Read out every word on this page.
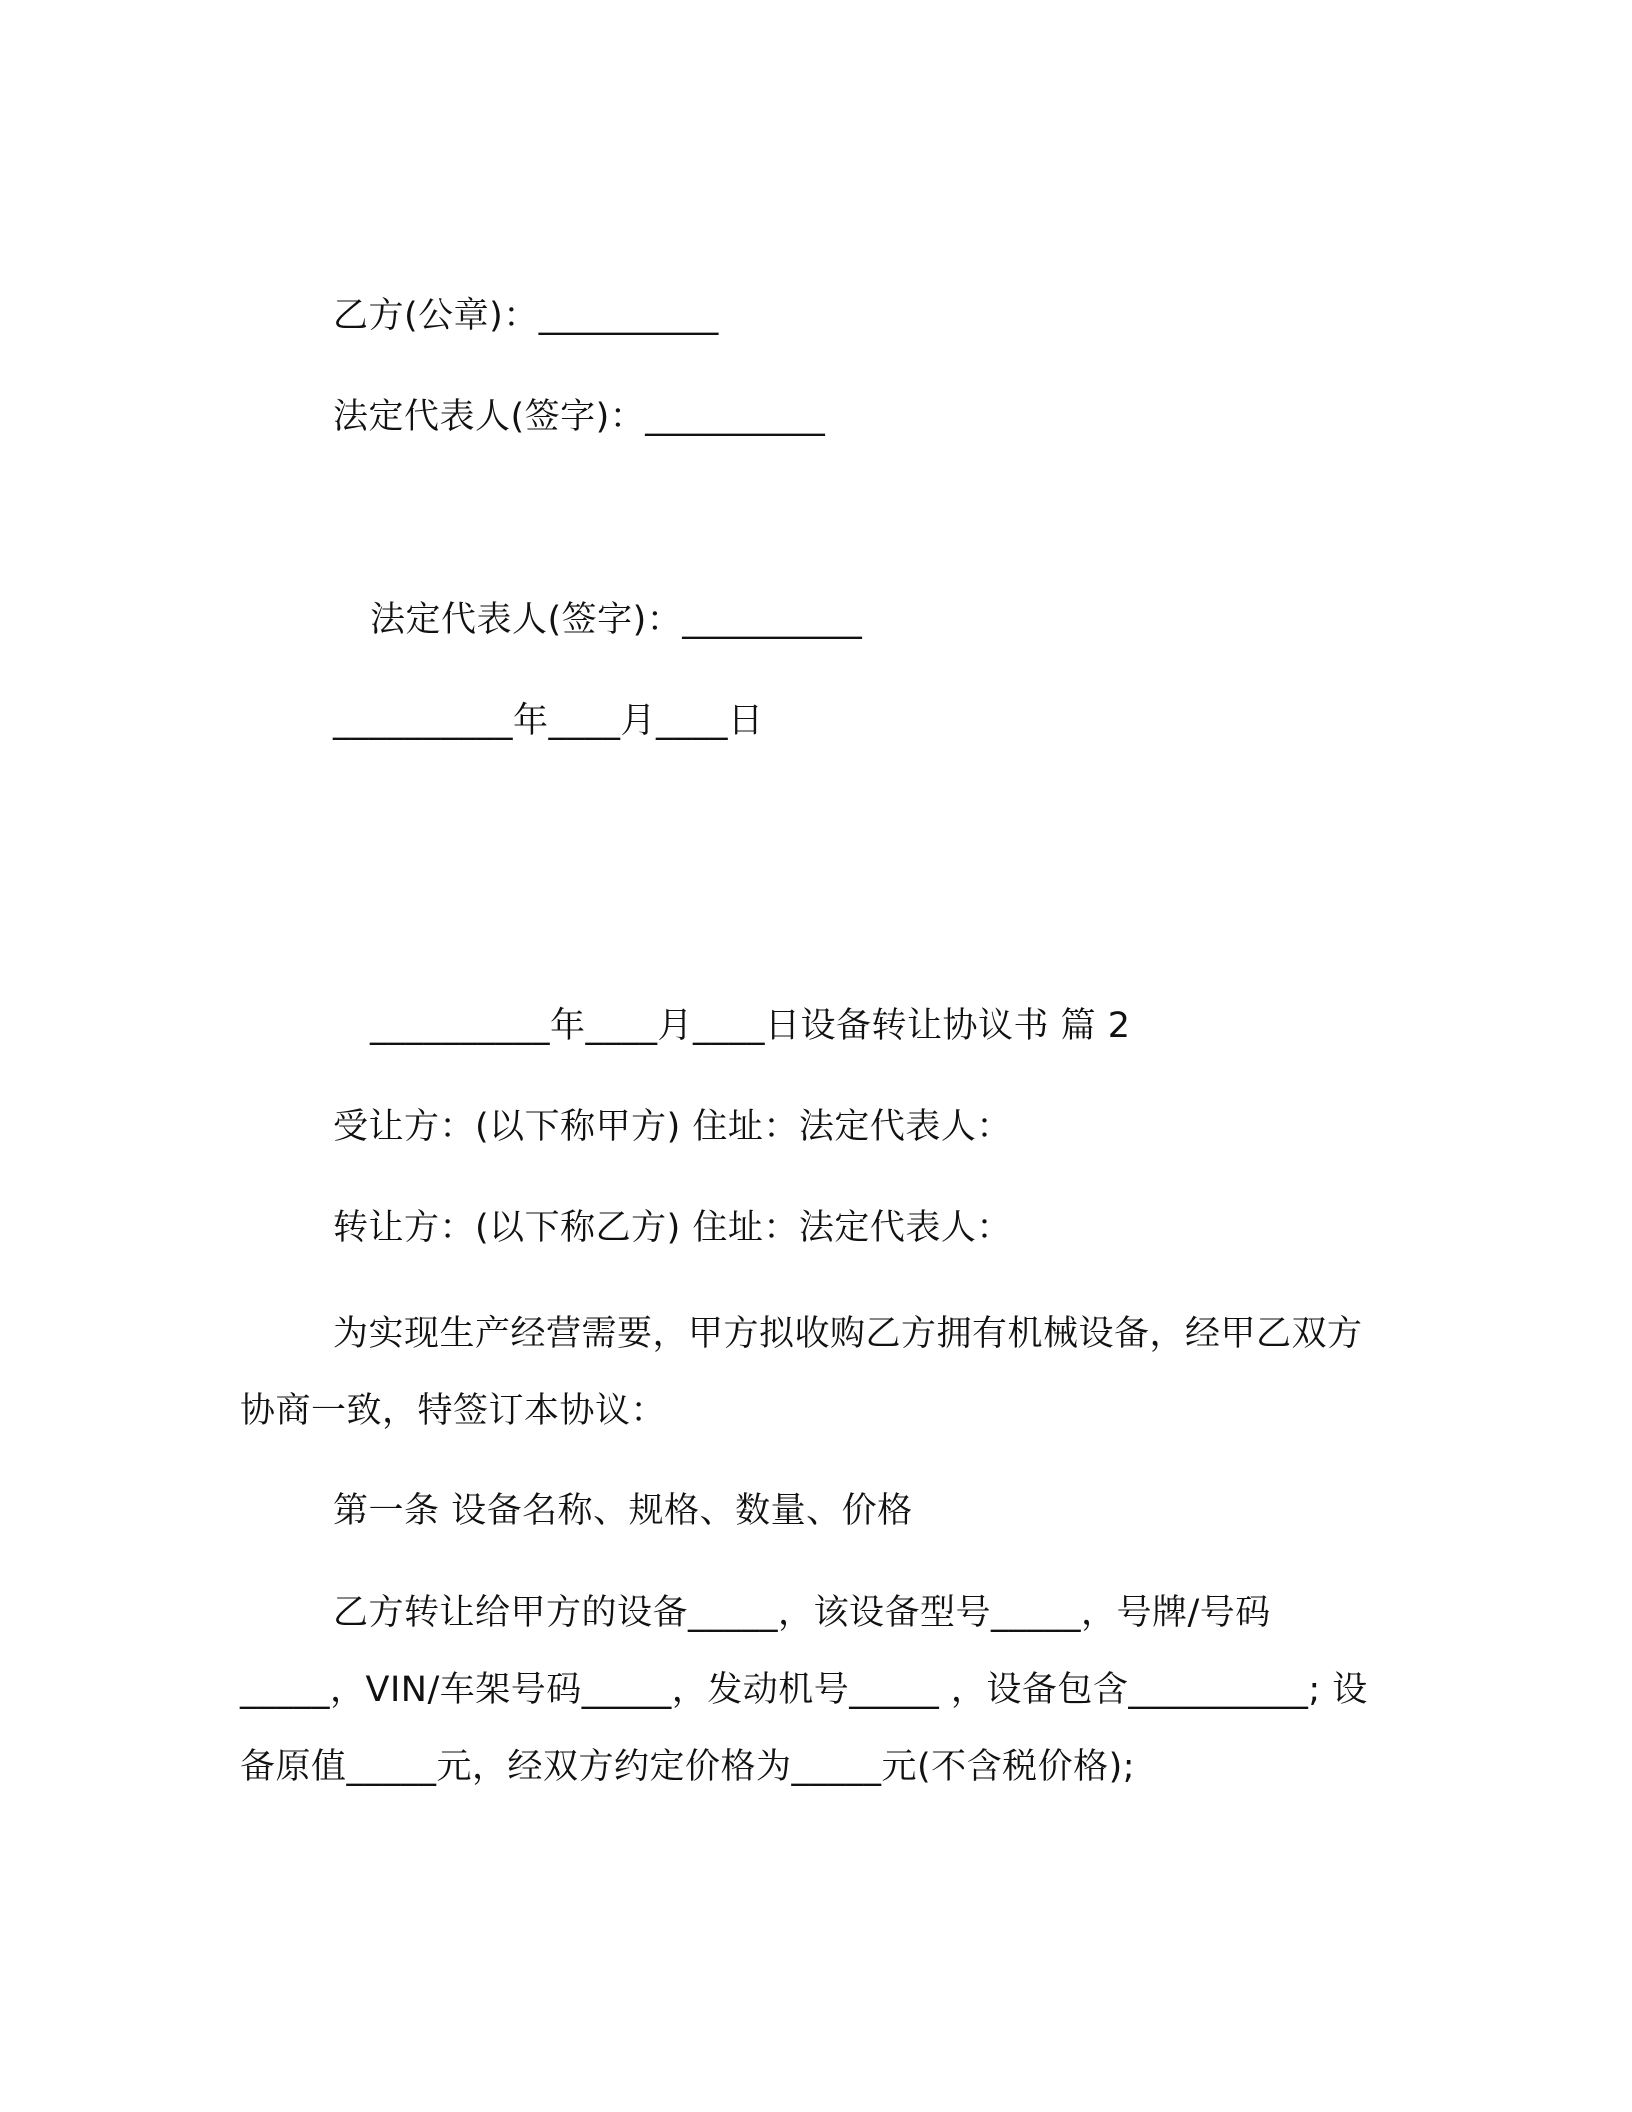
乙方(公章)：__________
法定代表人(签字)：__________
法定代表人(签字)：__________
__________年____月____日
__________年____月____日设备转让协议书 篇 2
受让方：(以下称甲方) 住址：法定代表人：
转让方：(以下称乙方) 住址：法定代表人：

为实现生产经营需要，甲方拟收购乙方拥有机械设备，经甲乙双方协商一致，特签订本协议：

第一条 设备名称、规格、数量、价格

乙方转让给甲方的设备_____，该设备型号_____，号牌/号码_____，VIN/车架号码_____，发动机号_____ ，设备包含__________; 设备原值_____元，经双方约定价格为_____元(不含税价格);
